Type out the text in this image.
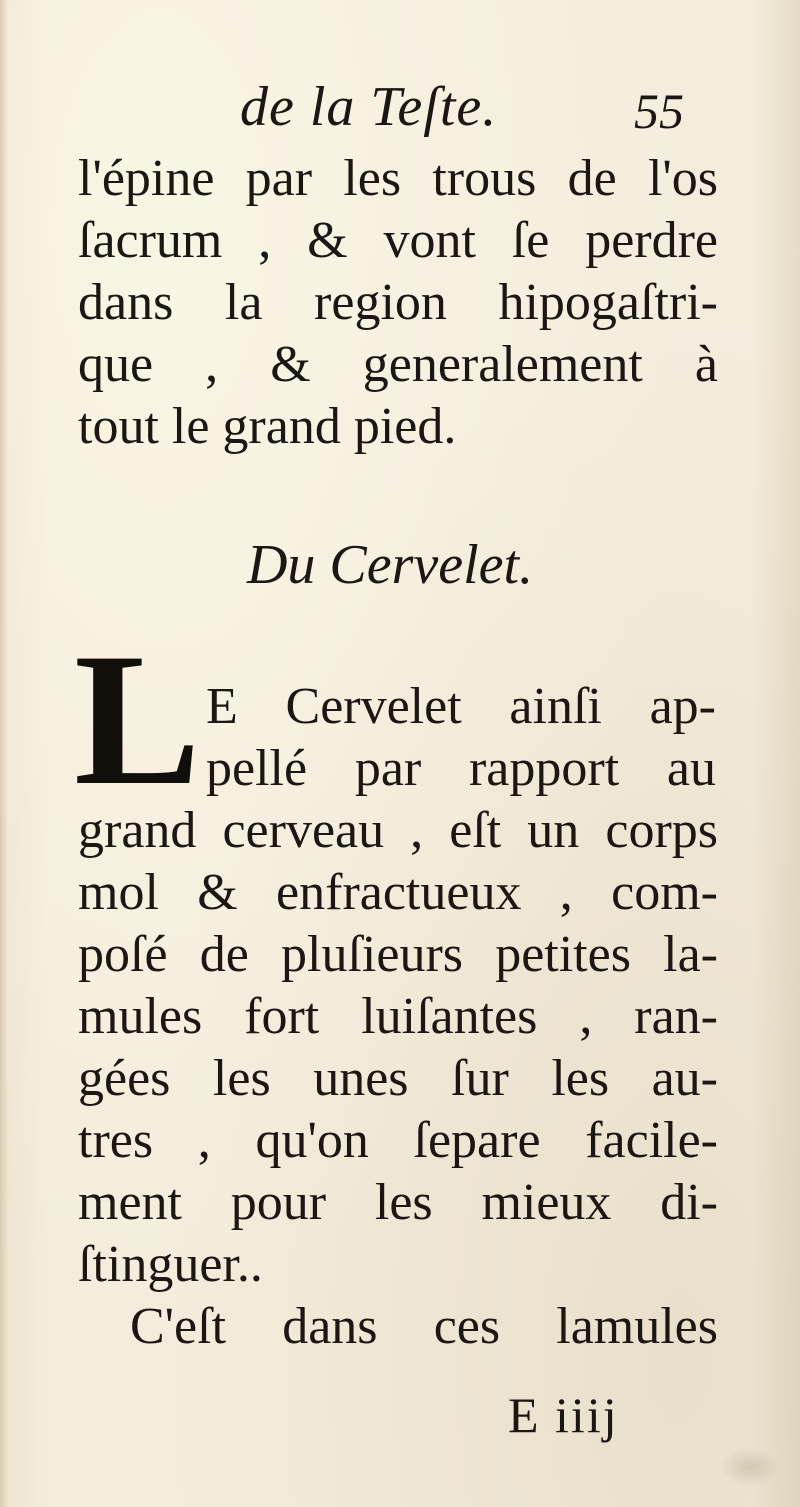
de la Teſte.	55
l'épine par les trous de l'os
ſacrum , & vont ſe perdre
dans la region hipogaſtri-
que , & generalement à
tout le grand pied.
Du Cervelet.
L E Cervelet ainſi ap-
pellé par rapport au
grand cerveau , eſt un corps
mol & enfractueux , com-
poſé de pluſieurs petites la-
mules fort luiſantes , ran-
gées les unes ſur les au-
tres , qu'on ſepare facile-
ment pour les mieux di-
ſtinguer..
C'eſt dans ces lamules
E iiij
